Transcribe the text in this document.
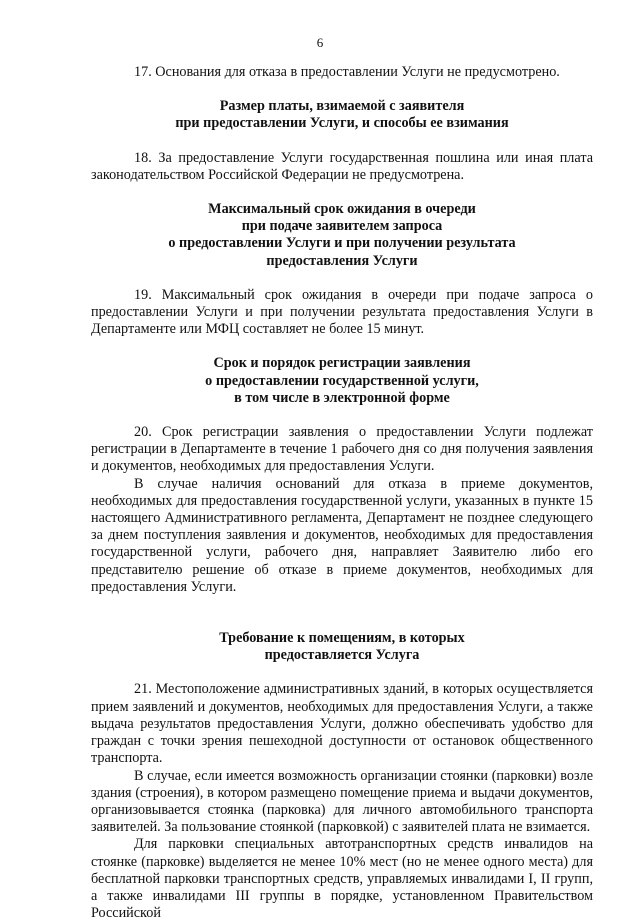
6

17. Основания для отказа в предоставлении Услуги не предусмотрено.

Размер платы, взимаемой с заявителя
при предоставлении Услуги, и способы ее взимания

18. За предоставление Услуги государственная пошлина или иная плата законодательством Российской Федерации не предусмотрена.

Максимальный срок ожидания в очереди
при подаче заявителем запроса
о предоставлении Услуги и при получении результата
предоставления Услуги

19. Максимальный срок ожидания в очереди при подаче запроса о предоставлении Услуги и при получении результата предоставления Услуги в Департаменте или МФЦ составляет не более 15 минут.

Срок и порядок регистрации заявления
о предоставлении государственной услуги,
в том числе в электронной форме

20. Срок регистрации заявления о предоставлении Услуги подлежат регистрации в Департаменте в течение 1 рабочего дня со дня получения заявления и документов, необходимых для предоставления Услуги.

В случае наличия оснований для отказа в приеме документов, необходимых для предоставления государственной услуги, указанных в пункте 15 настоящего Административного регламента, Департамент не позднее следующего за днем поступления заявления и документов, необходимых для предоставления государственной услуги, рабочего дня, направляет Заявителю либо его представителю решение об отказе в приеме документов, необходимых для предоставления Услуги.

Требование к помещениям, в которых
предоставляется Услуга

21. Местоположение административных зданий, в которых осуществляется прием заявлений и документов, необходимых для предоставления Услуги, а также выдача результатов предоставления Услуги, должно обеспечивать удобство для граждан с точки зрения пешеходной доступности от остановок общественного транспорта.

В случае, если имеется возможность организации стоянки (парковки) возле здания (строения), в котором размещено помещение приема и выдачи документов, организовывается стоянка (парковка) для личного автомобильного транспорта заявителей. За пользование стоянкой (парковкой) с заявителей плата не взимается.

Для парковки специальных автотранспортных средств инвалидов на стоянке (парковке) выделяется не менее 10% мест (но не менее одного места) для бесплатной парковки транспортных средств, управляемых инвалидами I, II групп, а также инвалидами III группы в порядке, установленном Правительством Российской
